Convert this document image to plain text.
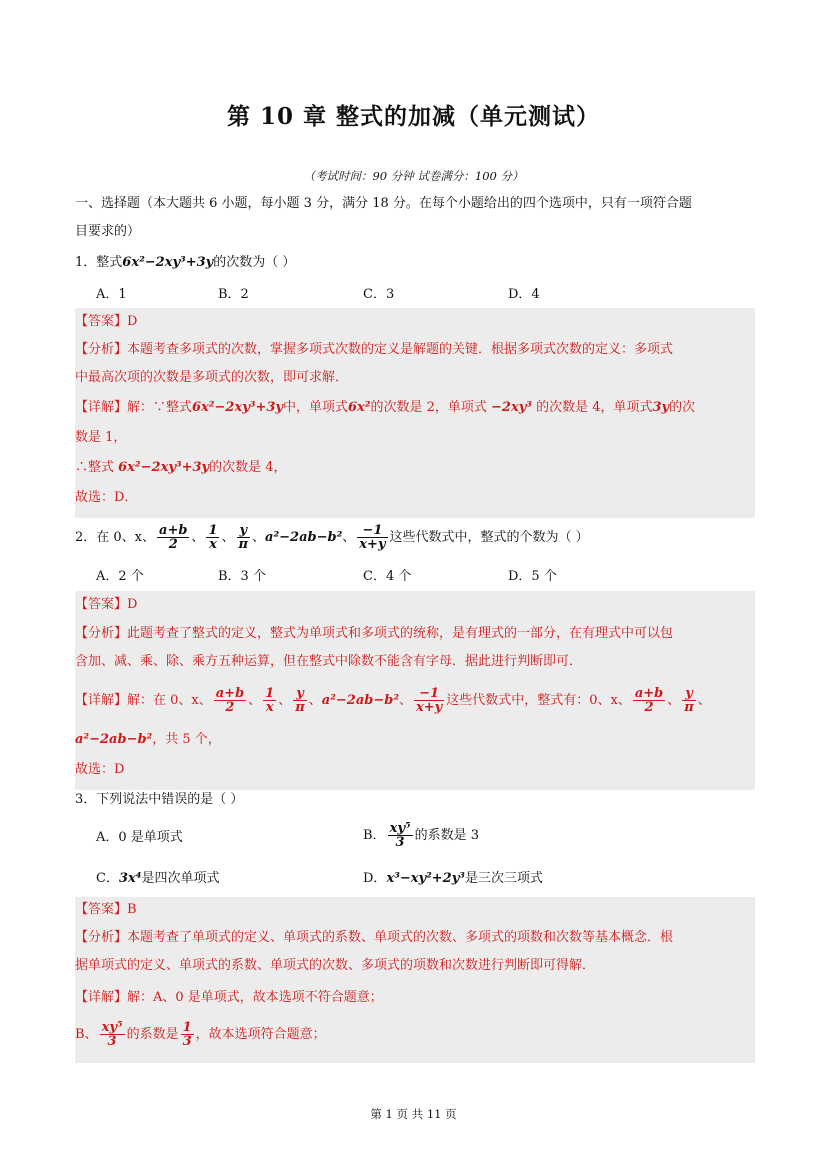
第 10 章 整式的加减（单元测试）
（考试时间：90 分钟 试卷满分：100 分）
一、选择题（本大题共 6 小题，每小题 3 分，满分 18 分。在每个小题给出的四个选项中，只有一项符合题
目要求的）
1．整式6x²−2xy³+3y的次数为（ ）
A．1	B．2	C．3	D．4
【答案】D
【分析】本题考查多项式的次数，掌握多项式次数的定义是解题的关键．根据多项式次数的定义：多项式
中最高次项的次数是多项式的次数，即可求解．
【详解】解：∵整式6x²−2xy³+3y中，单项式6x²的次数是 2，单项式 −2xy³ 的次数是 4，单项式3y的次
数是 1，
∴整式 6x²−2xy³+3y的次数是 4，
故选：D．
2．在 0、x、 $\frac{a+b}{2}$ 、 $\frac{1}{x}$ 、 $\frac{y}{\pi}$ 、a²−2ab−b²、 $\frac{-1}{x+y}$ 这些代数式中，整式的个数为（ ）
A．2 个	B．3 个	C．4 个	D．5 个
【答案】D
【分析】此题考查了整式的定义，整式为单项式和多项式的统称，是有理式的一部分，在有理式中可以包
含加、减、乘、除、乘方五种运算，但在整式中除数不能含有字母．据此进行判断即可．
【详解】解：在 0、x、 $\frac{a+b}{2}$ 、 $\frac{1}{x}$ 、 $\frac{y}{\pi}$ 、a²−2ab−b²、 $\frac{-1}{x+y}$ 这些代数式中，整式有：0、x、 $\frac{a+b}{2}$ 、 $\frac{y}{\pi}$ 、
a²−2ab−b²，共 5 个，
故选：D
3．下列说法中错误的是（ ）
A．0 是单项式	B． $\frac{\text{xy⁵}}{3}$ 的系数是 3
C．3x⁴是四次单项式	D．x³−xy²+2y³是三次三项式
【答案】B
【分析】本题考查了单项式的定义、单项式的系数、单项式的次数、多项式的项数和次数等基本概念．根
据单项式的定义、单项式的系数、单项式的次数、多项式的项数和次数进行判断即可得解．
【详解】解：A、0 是单项式，故本选项不符合题意；
B、 $\frac{\text{xy⁵}}{3}$ 的系数是 $\frac{1}{3}$ ，故本选项符合题意；
第 1 页 共 11 页
